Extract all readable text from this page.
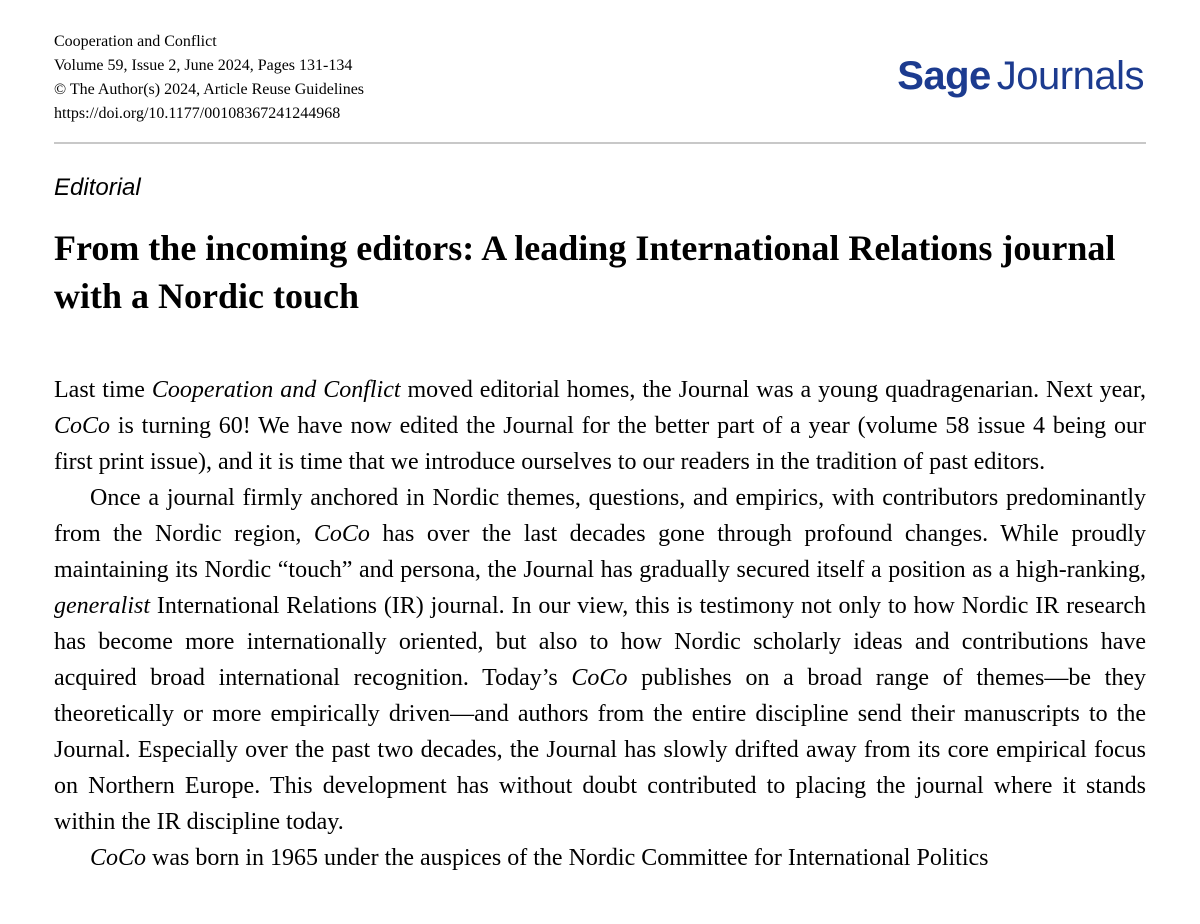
Cooperation and Conflict
Volume 59, Issue 2, June 2024, Pages 131-134
© The Author(s) 2024, Article Reuse Guidelines
https://doi.org/10.1177/00108367241244968
Sage Journals
Editorial
From the incoming editors: A leading International Relations journal with a Nordic touch

Last time Cooperation and Conflict moved editorial homes, the Journal was a young quadragenarian. Next year, CoCo is turning 60! We have now edited the Journal for the better part of a year (volume 58 issue 4 being our first print issue), and it is time that we introduce ourselves to our readers in the tradition of past editors.

Once a journal firmly anchored in Nordic themes, questions, and empirics, with contributors predominantly from the Nordic region, CoCo has over the last decades gone through profound changes. While proudly maintaining its Nordic “touch” and persona, the Journal has gradually secured itself a position as a high-ranking, generalist International Relations (IR) journal. In our view, this is testimony not only to how Nordic IR research has become more internationally oriented, but also to how Nordic scholarly ideas and contributions have acquired broad international recognition. Today’s CoCo publishes on a broad range of themes—be they theoretically or more empirically driven—and authors from the entire discipline send their manuscripts to the Journal. Especially over the past two decades, the Journal has slowly drifted away from its core empirical focus on Northern Europe. This development has without doubt contributed to placing the journal where it stands within the IR discipline today.

CoCo was born in 1965 under the auspices of the Nordic Committee for International Politics
